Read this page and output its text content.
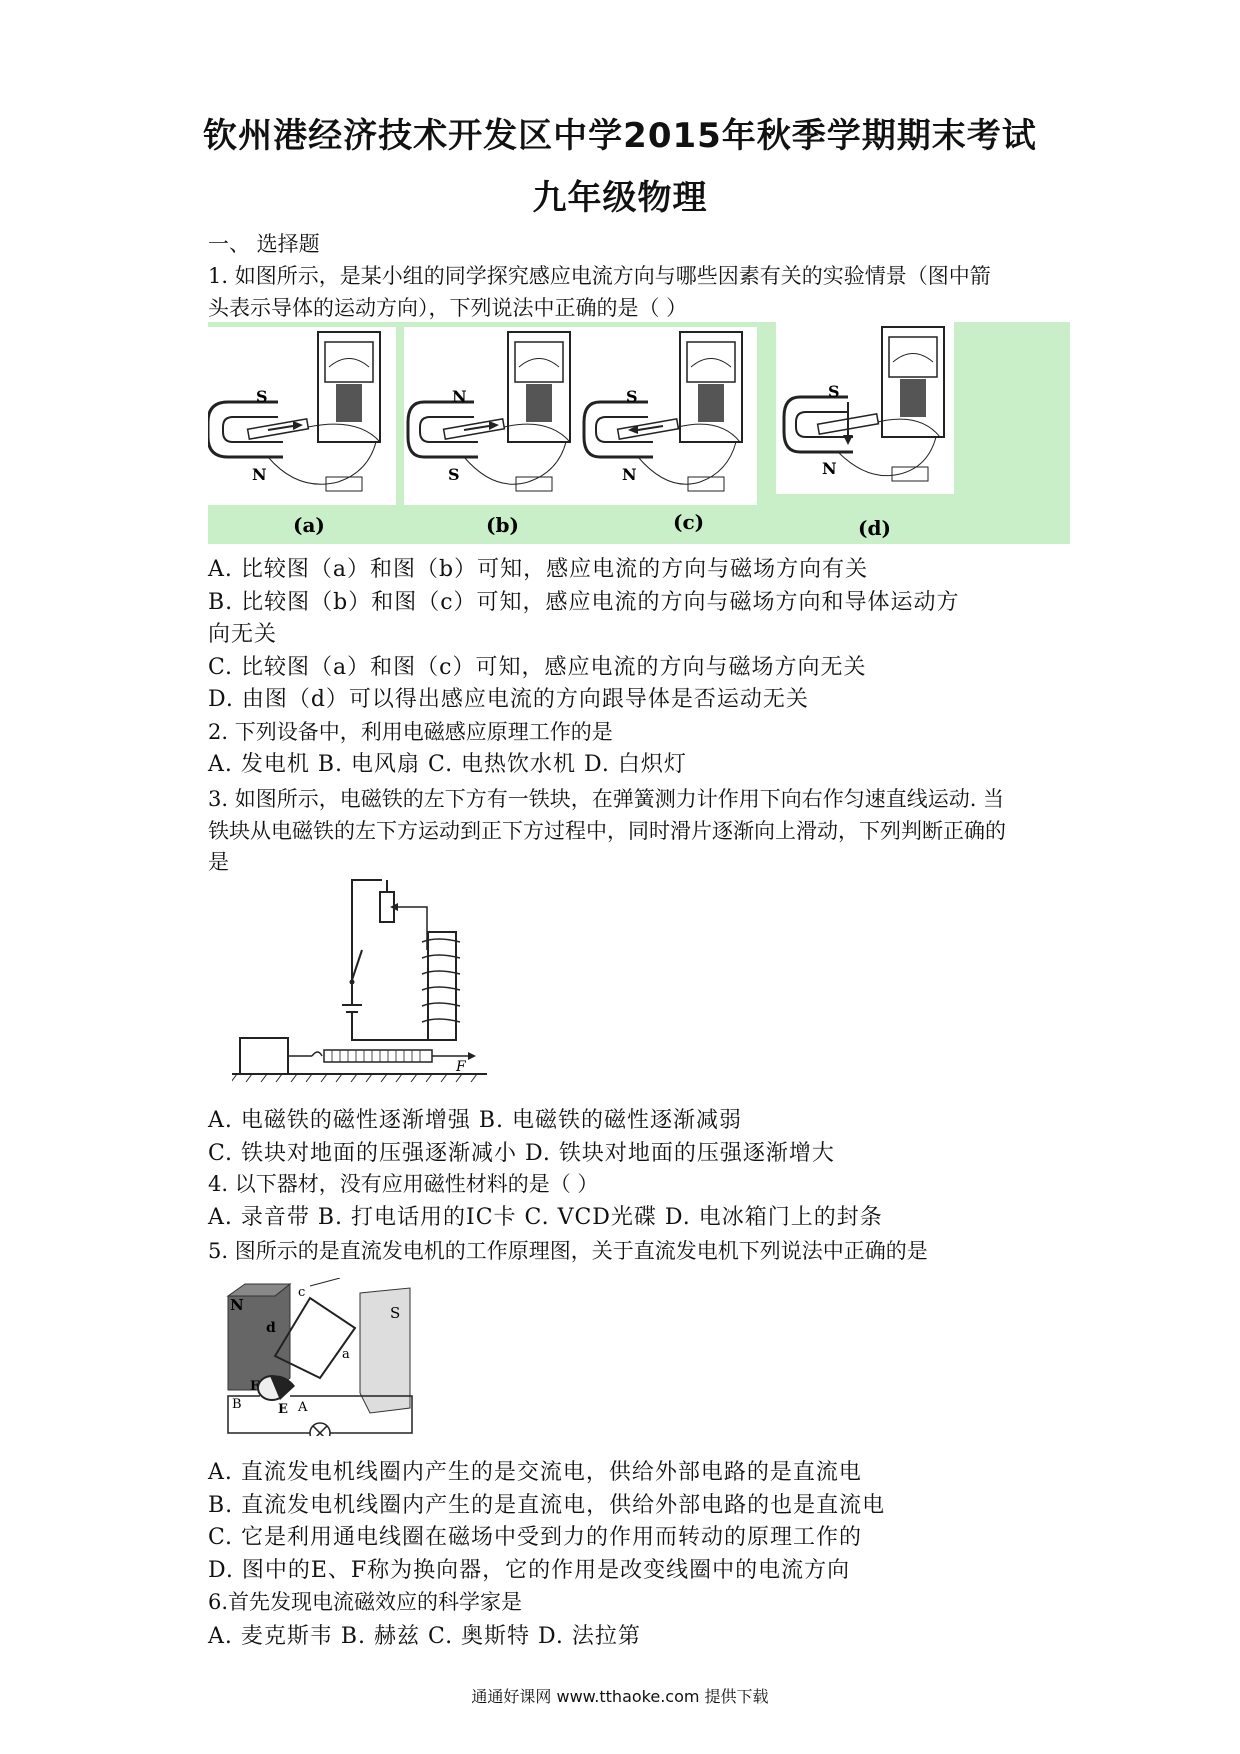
钦州港经济技术开发区中学2015年秋季学期期末考试
九年级物理
一、 选择题
1. 如图所示，是某小组的同学探究感应电流方向与哪些因素有关的实验情景（图中箭
头表示导体的运动方向），下列说法中正确的是（ ）
S
N
N
S
S
N
S
N
(a)	(b)	(c)	(d)
A. 比较图（a）和图（b）可知，感应电流的方向与磁场方向有关
B. 比较图（b）和图（c）可知，感应电流的方向与磁场方向和导体运动方
向无关
C. 比较图（a）和图（c）可知，感应电流的方向与磁场方向无关
D. 由图（d）可以得出感应电流的方向跟导体是否运动无关
2. 下列设备中，利用电磁感应原理工作的是
A. 发电机 B. 电风扇 C. 电热饮水机 D. 白炽灯
3. 如图所示，电磁铁的左下方有一铁块，在弹簧测力计作用下向右作匀速直线运动. 当
铁块从电磁铁的左下方运动到正下方过程中，同时滑片逐渐向上滑动，下列判断正确的
是
F
A. 电磁铁的磁性逐渐增强 B. 电磁铁的磁性逐渐减弱
C. 铁块对地面的压强逐渐减小 D. 铁块对地面的压强逐渐增大
4. 以下器材，没有应用磁性材料的是（ ）
A. 录音带 B. 打电话用的IC卡 C. VCD光碟 D. 电冰箱门上的封条
5. 图所示的是直流发电机的工作原理图，关于直流发电机下列说法中正确的是
N	S
c
d
a
F
E A
B
A. 直流发电机线圈内产生的是交流电，供给外部电路的是直流电
B. 直流发电机线圈内产生的是直流电，供给外部电路的也是直流电
C. 它是利用通电线圈在磁场中受到力的作用而转动的原理工作的
D. 图中的E、F称为换向器，它的作用是改变线圈中的电流方向
6.首先发现电流磁效应的科学家是
A. 麦克斯韦 B. 赫兹 C. 奥斯特 D. 法拉第
通通好课网 www.tthaoke.com 提供下载
